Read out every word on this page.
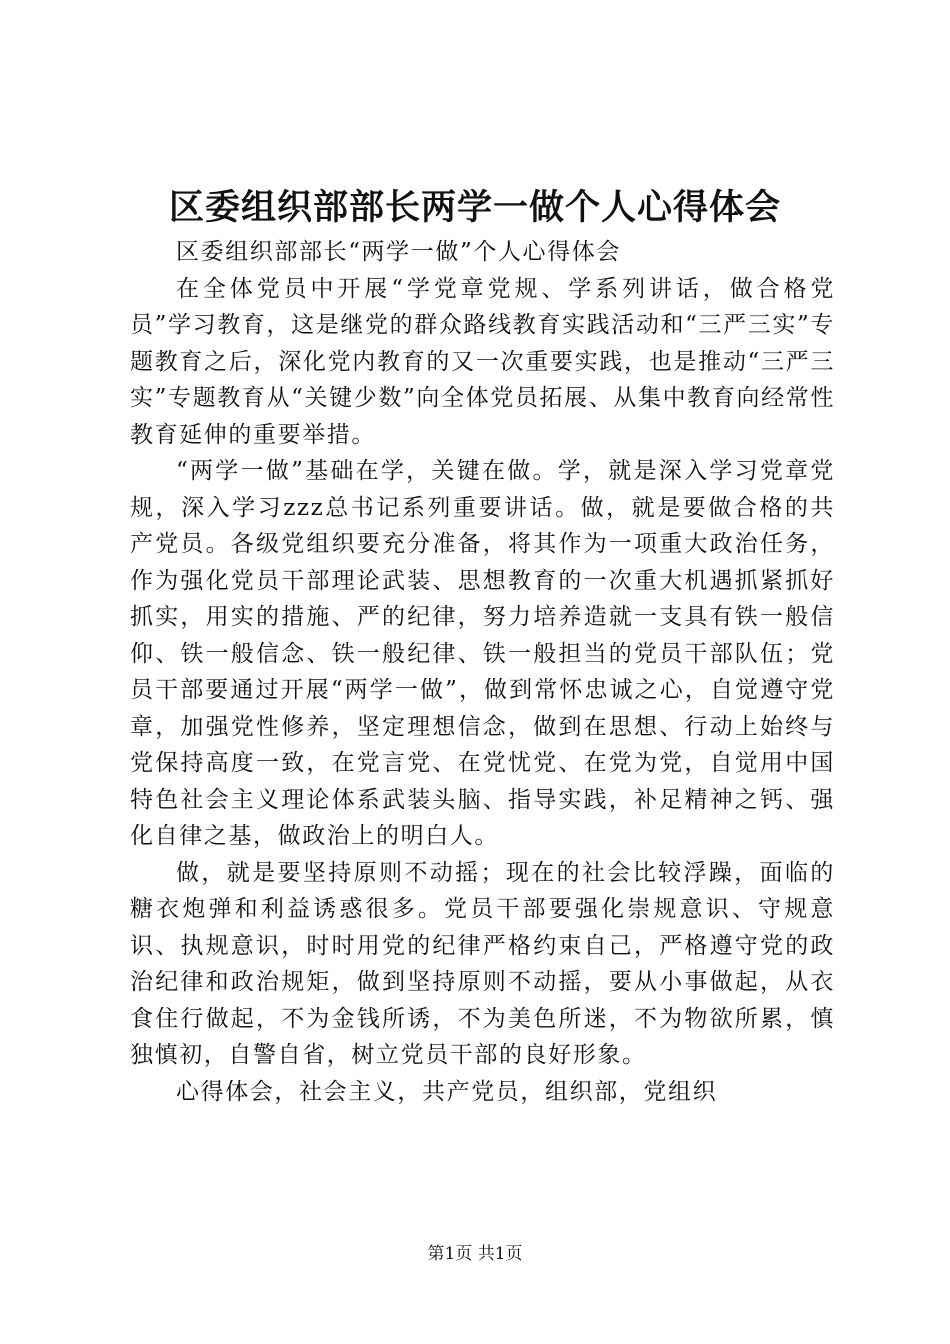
区委组织部部长两学一做个人心得体会

区委组织部部长“两学一做”个人心得体会

在全体党员中开展“学党章党规、学系列讲话，做合格党员”学习教育，这是继党的群众路线教育实践活动和“三严三实”专题教育之后，深化党内教育的又一次重要实践，也是推动“三严三实”专题教育从“关键少数”向全体党员拓展、从集中教育向经常性教育延伸的重要举措。

“两学一做”基础在学，关键在做。学，就是深入学习党章党规，深入学习zzz总书记系列重要讲话。做，就是要做合格的共产党员。各级党组织要充分准备，将其作为一项重大政治任务，作为强化党员干部理论武装、思想教育的一次重大机遇抓紧抓好抓实，用实的措施、严的纪律，努力培养造就一支具有铁一般信仰、铁一般信念、铁一般纪律、铁一般担当的党员干部队伍；党员干部要通过开展“两学一做”，做到常怀忠诚之心，自觉遵守党章，加强党性修养，坚定理想信念，做到在思想、行动上始终与党保持高度一致，在党言党、在党忧党、在党为党，自觉用中国特色社会主义理论体系武装头脑、指导实践，补足精神之钙、强化自律之基，做政治上的明白人。

做，就是要坚持原则不动摇；现在的社会比较浮躁，面临的糖衣炮弹和利益诱惑很多。党员干部要强化崇规意识、守规意识、执规意识，时时用党的纪律严格约束自己，严格遵守党的政治纪律和政治规矩，做到坚持原则不动摇，要从小事做起，从衣食住行做起，不为金钱所诱，不为美色所迷，不为物欲所累，慎独慎初，自警自省，树立党员干部的良好形象。

心得体会，社会主义，共产党员，组织部，党组织

第1页 共1页
